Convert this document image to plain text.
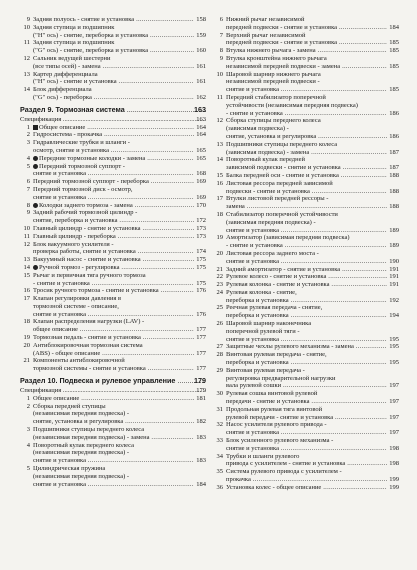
9 Задняя полуось - снятие и установка .....	158
10 Задняя ступица и подшипник
("Н" ось) - снятие, переборка и установка .....	159
11 Задняя ступица и подшипник
("G" ось) - снятие, переборка и установка .....	160
12 Сальник ведущей шестерни
(все типы осей) - замена .....	161
13 Картер дифференциала
("Н" ось) - снятие и установка .....	161
14 Блок дифференциала
("G" ось) - переборка .....	162
Раздел 9. Тормозная система .....	163
Спецификация .....	163
1	Общее описание .....	164
2 Гидросистема - прокачка .....	164
3 Гидравлические трубки и шланги -
осмотр, снятие и установка .....	165
4	Передние тормозные колодки - замена .....	165
5	Передний тормозной суппорт -
снятие и установка .....	168
6 Передний тормозной суппорт - переборка .....	169
7 Передний тормозной диск - осмотр,
снятие и установка .....	169
8	Колодки заднего тормоза - замена .....	170
9 Задний рабочий тормозной цилиндр -
снятие, переборка и установка .....	172
10 Главный цилиндр - снятие и установка .....	173
11 Главный цилиндр - переборка .....	173
12 Блок вакуумного усилителя -
проверка работы, снятие и установка .....	174
13 Вакуумный насос - снятие и установка .....	175
14	Ручной тормоз - регулировка .....	175
15 Рычаг и первичная тяга ручного тормоза
- снятие и установка .....	175
16 Тросик ручного тормоза - снятие и установка .....	176
17 Клапан регулировки давления в
тормозной системе - описание,
снятие и установка .....	176
18 Клапан распределения нагрузки (LAV) -
общее описание .....	177
19 Тормозная педаль - снятие и установка .....	177
20 Антиблокировочная тормозная система
(ABS) - общее описание .....	177
21 Компоненты антиблокировочной
тормозной системы - снятие и установка .....	177
Раздел 10. Подвеска и рулевое управление .....	179
Спецификация .....	179
1 Общее описание .....	181
2 Сборка передней ступицы
(независимая передняя подвеска) -
снятие, установка и регулировка .....	182
3 Подшипники ступицы переднего колеса
(независимая передняя подвеска) - замена .....	183
4 Поворотный кулак переднего колеса
(независимая передняя подвеска) -
снятие и установка .....	183
5 Цилиндрическая пружина
(независимая передняя подвеска) -
снятие и установка .....	184
6 Нижний рычаг независимой
передней подвески - снятие и установка .....	184
7 Верхний рычаг независимой
передней подвески - снятие и установка .....	185
8 Втулка нижнего рычага - замена .....	185
9 Втулка кронштейна нижнего рычага
независимой передней подвески - замена .....	185
10 Шаровой шарнир нижнего рычага
независимой передней подвески -
снятие и установка .....	185
11 Передний стабилизатор поперечной
устойчивости (независимая передняя подвеска)
- снятие и установка .....	186
12 Сборка ступицы переднего колеса
(зависимая подвеска) -
снятие, установка и регулировка .....	186
13 Подшипники ступицы переднего колеса
(зависимая подвеска) - замена .....	187
14 Поворотный кулак передней
зависимой подвески - снятие и установка .....	187
15 Балка передней оси - снятие и установка .....	188
16 Листовая рессора передней зависимой
подвески - снятие и установка .....	188
17 Втулки листовой передней рессоры -
замена .....	188
18 Стабилизатор поперечной устойчивости
(зависимая передняя подвеска) -
снятие и установка .....	189
19 Амортизатор (зависимая передняя подвеска)
- снятие и установка .....	189
20 Листовая рессора заднего моста -
снятие и установка .....	190
21 Задний амортизатор - снятие и установка .....	191
22 Рулевое колесо - снятие и установка .....	191
23 Рулевая колонка - снятие и установка .....	191
24 Рулевая колонка - снятие,
переборка и установка .....	192
25 Реечная рулевая передача - снятие,
переборка и установка .....	194
26 Шаровой шарнир наконечника
поперечной рулевой тяги -
снятие и установка .....	195
27 Защитные чехлы рулевого механизма - замена .....	195
28 Винтовая рулевая передача - снятие,
переборка и установка .....	195
29 Винтовая рулевая передача -
регулировка предварительной нагрузки
вала рулевой сошки .....	197
30 Рулевая сошка винтовой рулевой
передачи - снятие и установка .....	197
31 Продольная рулевая тяга винтовой
рулевой передачи - снятие и установка .....	197
32 Насос усилителя рулевого привода -
снятие и установка .....	197
33 Блок усиленного рулевого механизма -
снятие и установка .....	198
34 Трубки и шланги рулевого
привода с усилителем - снятие и установка .....	198
35 Система рулевого привода с усилителем -
прокачка .....	199
36 Установка колес - общее описание .....	199
